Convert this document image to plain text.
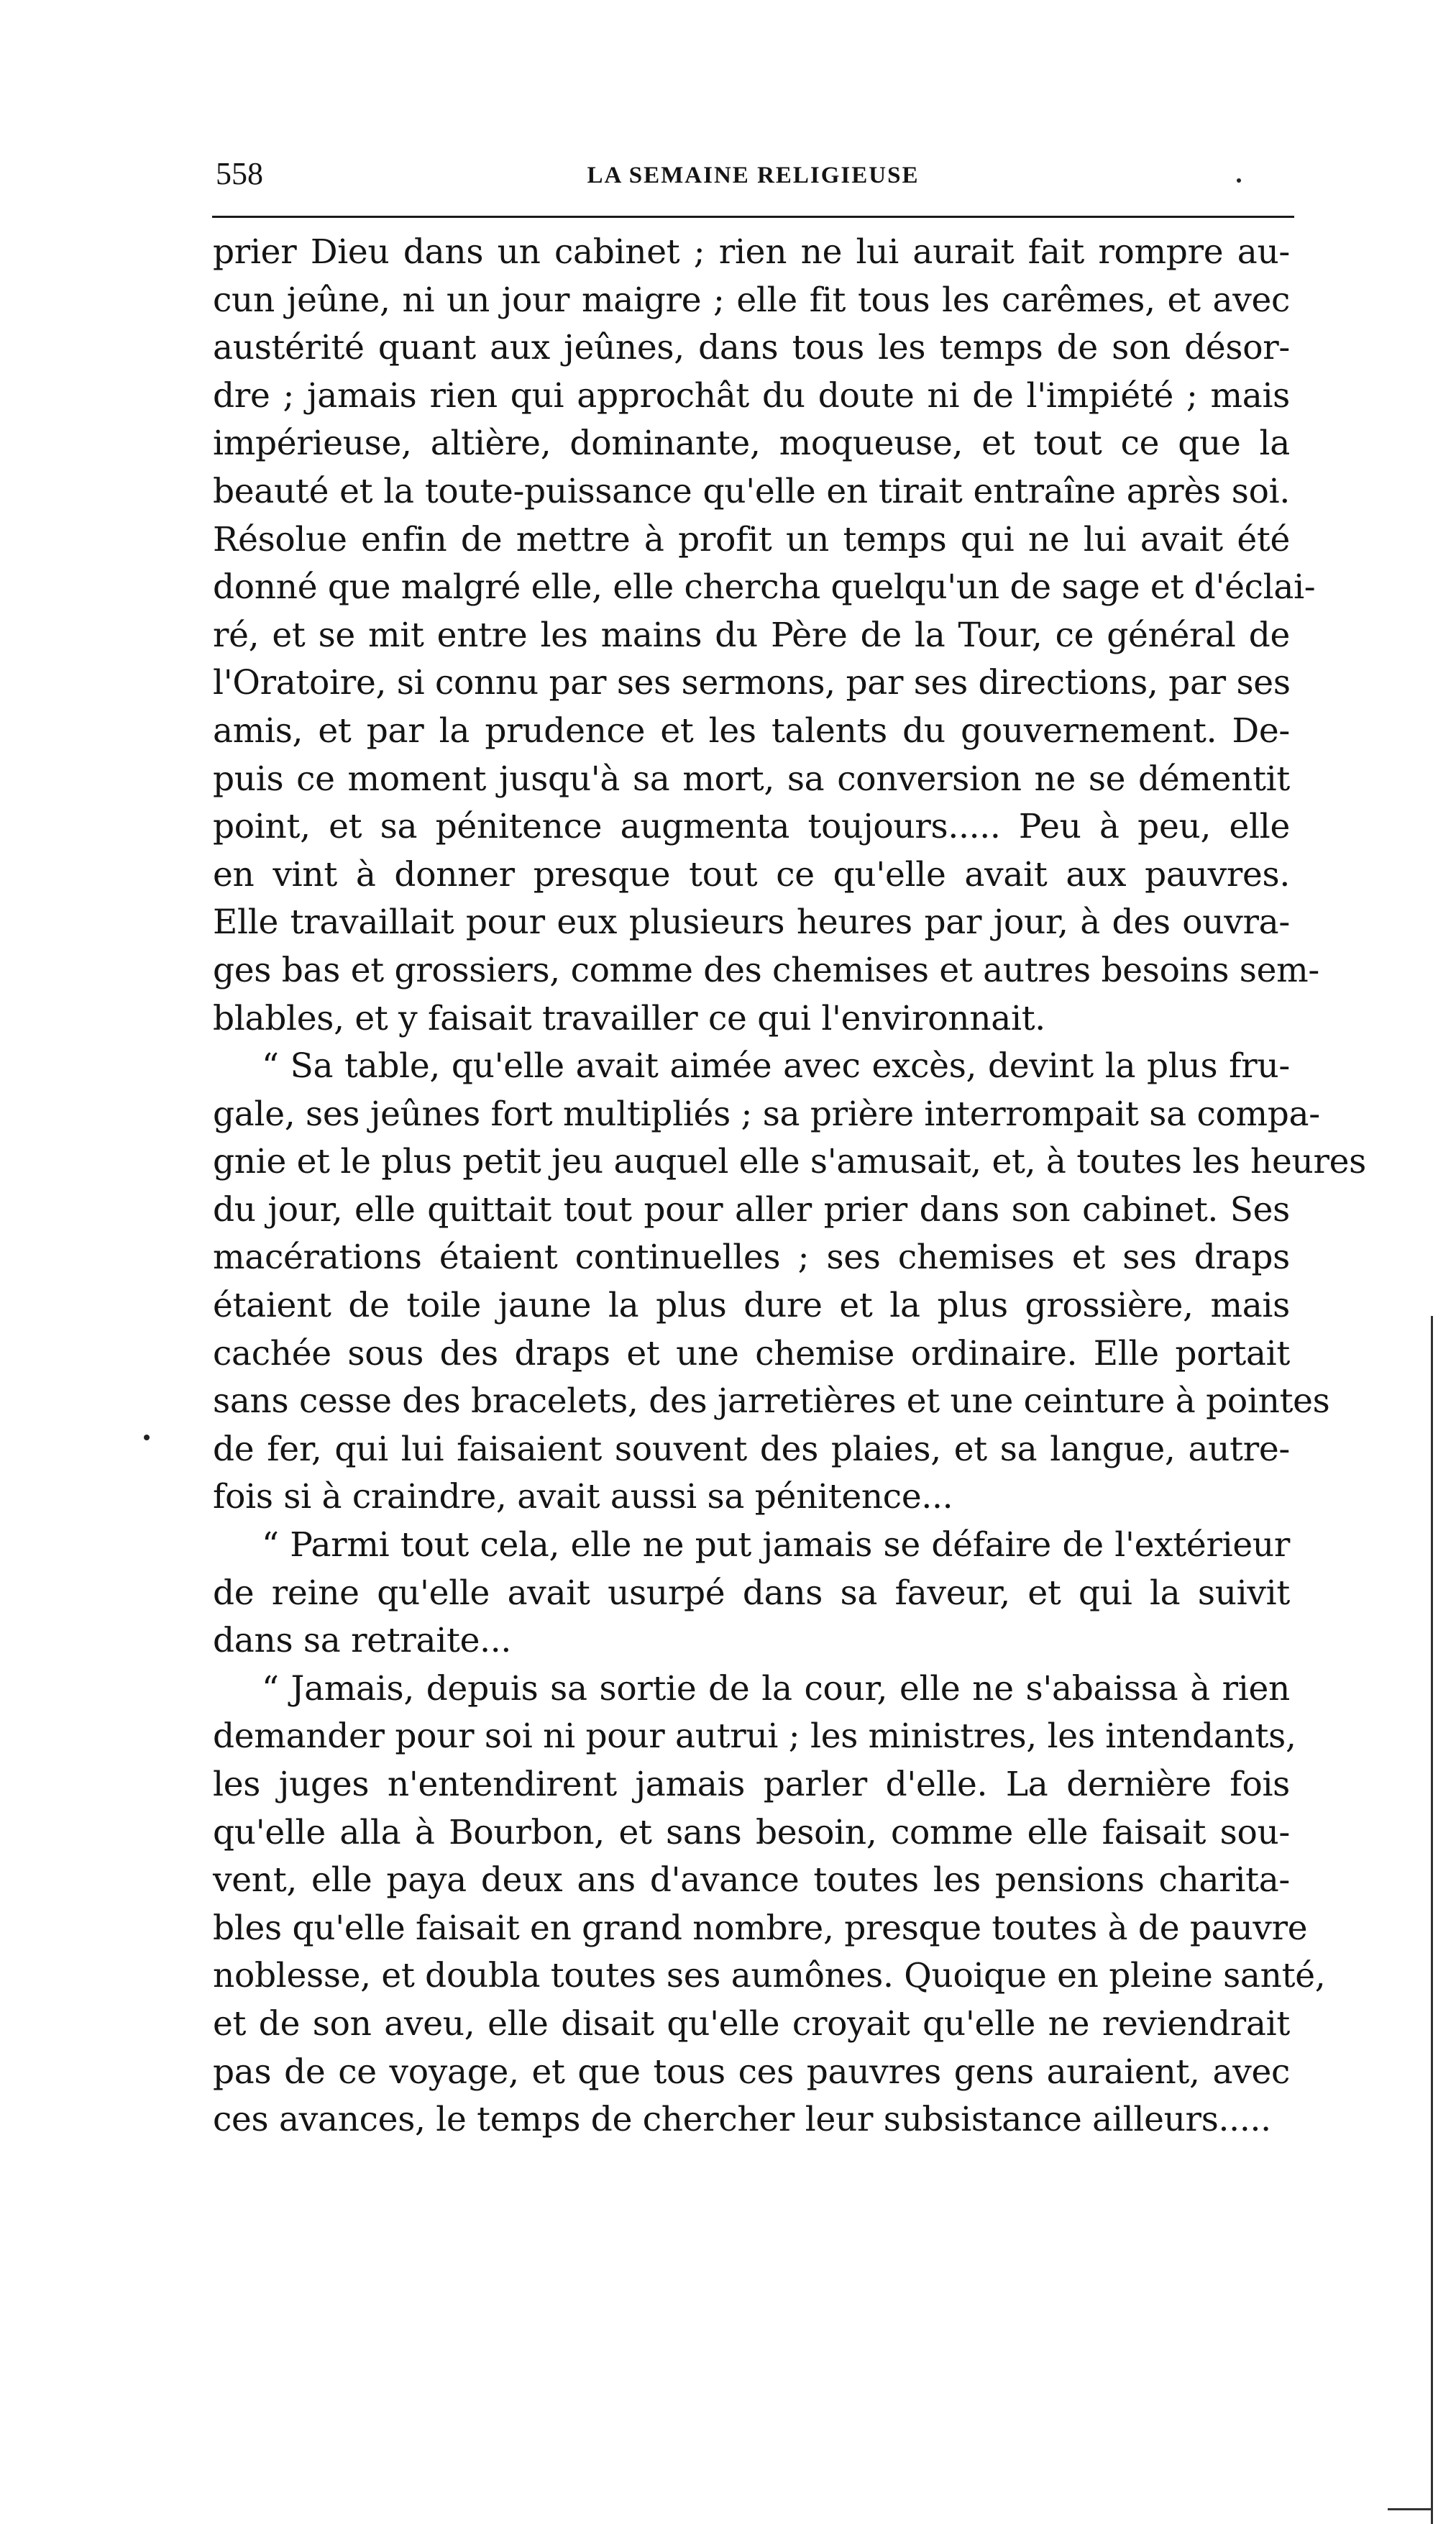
558	LA SEMAINE RELIGIEUSE
prier Dieu dans un cabinet ; rien ne lui aurait fait rompre au-
cun jeûne, ni un jour maigre ; elle fit tous les carêmes, et avec
austérité quant aux jeûnes, dans tous les temps de son désor-
dre ; jamais rien qui approchât du doute ni de l'impiété ; mais
impérieuse, altière, dominante, moqueuse, et tout ce que la
beauté et la toute-puissance qu'elle en tirait entraîne après soi.
Résolue enfin de mettre à profit un temps qui ne lui avait été
donné que malgré elle, elle chercha quelqu'un de sage et d'éclai-
ré, et se mit entre les mains du Père de la Tour, ce général de
l'Oratoire, si connu par ses sermons, par ses directions, par ses
amis, et par la prudence et les talents du gouvernement. De-
puis ce moment jusqu'à sa mort, sa conversion ne se démentit
point, et sa pénitence augmenta toujours..... Peu à peu, elle
en vint à donner presque tout ce qu'elle avait aux pauvres.
Elle travaillait pour eux plusieurs heures par jour, à des ouvra-
ges bas et grossiers, comme des chemises et autres besoins sem-
blables, et y faisait travailler ce qui l'environnait.
“ Sa table, qu'elle avait aimée avec excès, devint la plus fru-
gale, ses jeûnes fort multipliés ; sa prière interrompait sa compa-
gnie et le plus petit jeu auquel elle s'amusait, et, à toutes les heures
du jour, elle quittait tout pour aller prier dans son cabinet. Ses
macérations étaient continuelles ; ses chemises et ses draps
étaient de toile jaune la plus dure et la plus grossière, mais
cachée sous des draps et une chemise ordinaire. Elle portait
sans cesse des bracelets, des jarretières et une ceinture à pointes
de fer, qui lui faisaient souvent des plaies, et sa langue, autre-
fois si à craindre, avait aussi sa pénitence...
“ Parmi tout cela, elle ne put jamais se défaire de l'extérieur
de reine qu'elle avait usurpé dans sa faveur, et qui la suivit
dans sa retraite...
“ Jamais, depuis sa sortie de la cour, elle ne s'abaissa à rien
demander pour soi ni pour autrui ; les ministres, les intendants,
les juges n'entendirent jamais parler d'elle. La dernière fois
qu'elle alla à Bourbon, et sans besoin, comme elle faisait sou-
vent, elle paya deux ans d'avance toutes les pensions charita-
bles qu'elle faisait en grand nombre, presque toutes à de pauvre
noblesse, et doubla toutes ses aumônes. Quoique en pleine santé,
et de son aveu, elle disait qu'elle croyait qu'elle ne reviendrait
pas de ce voyage, et que tous ces pauvres gens auraient, avec
ces avances, le temps de chercher leur subsistance ailleurs.....
